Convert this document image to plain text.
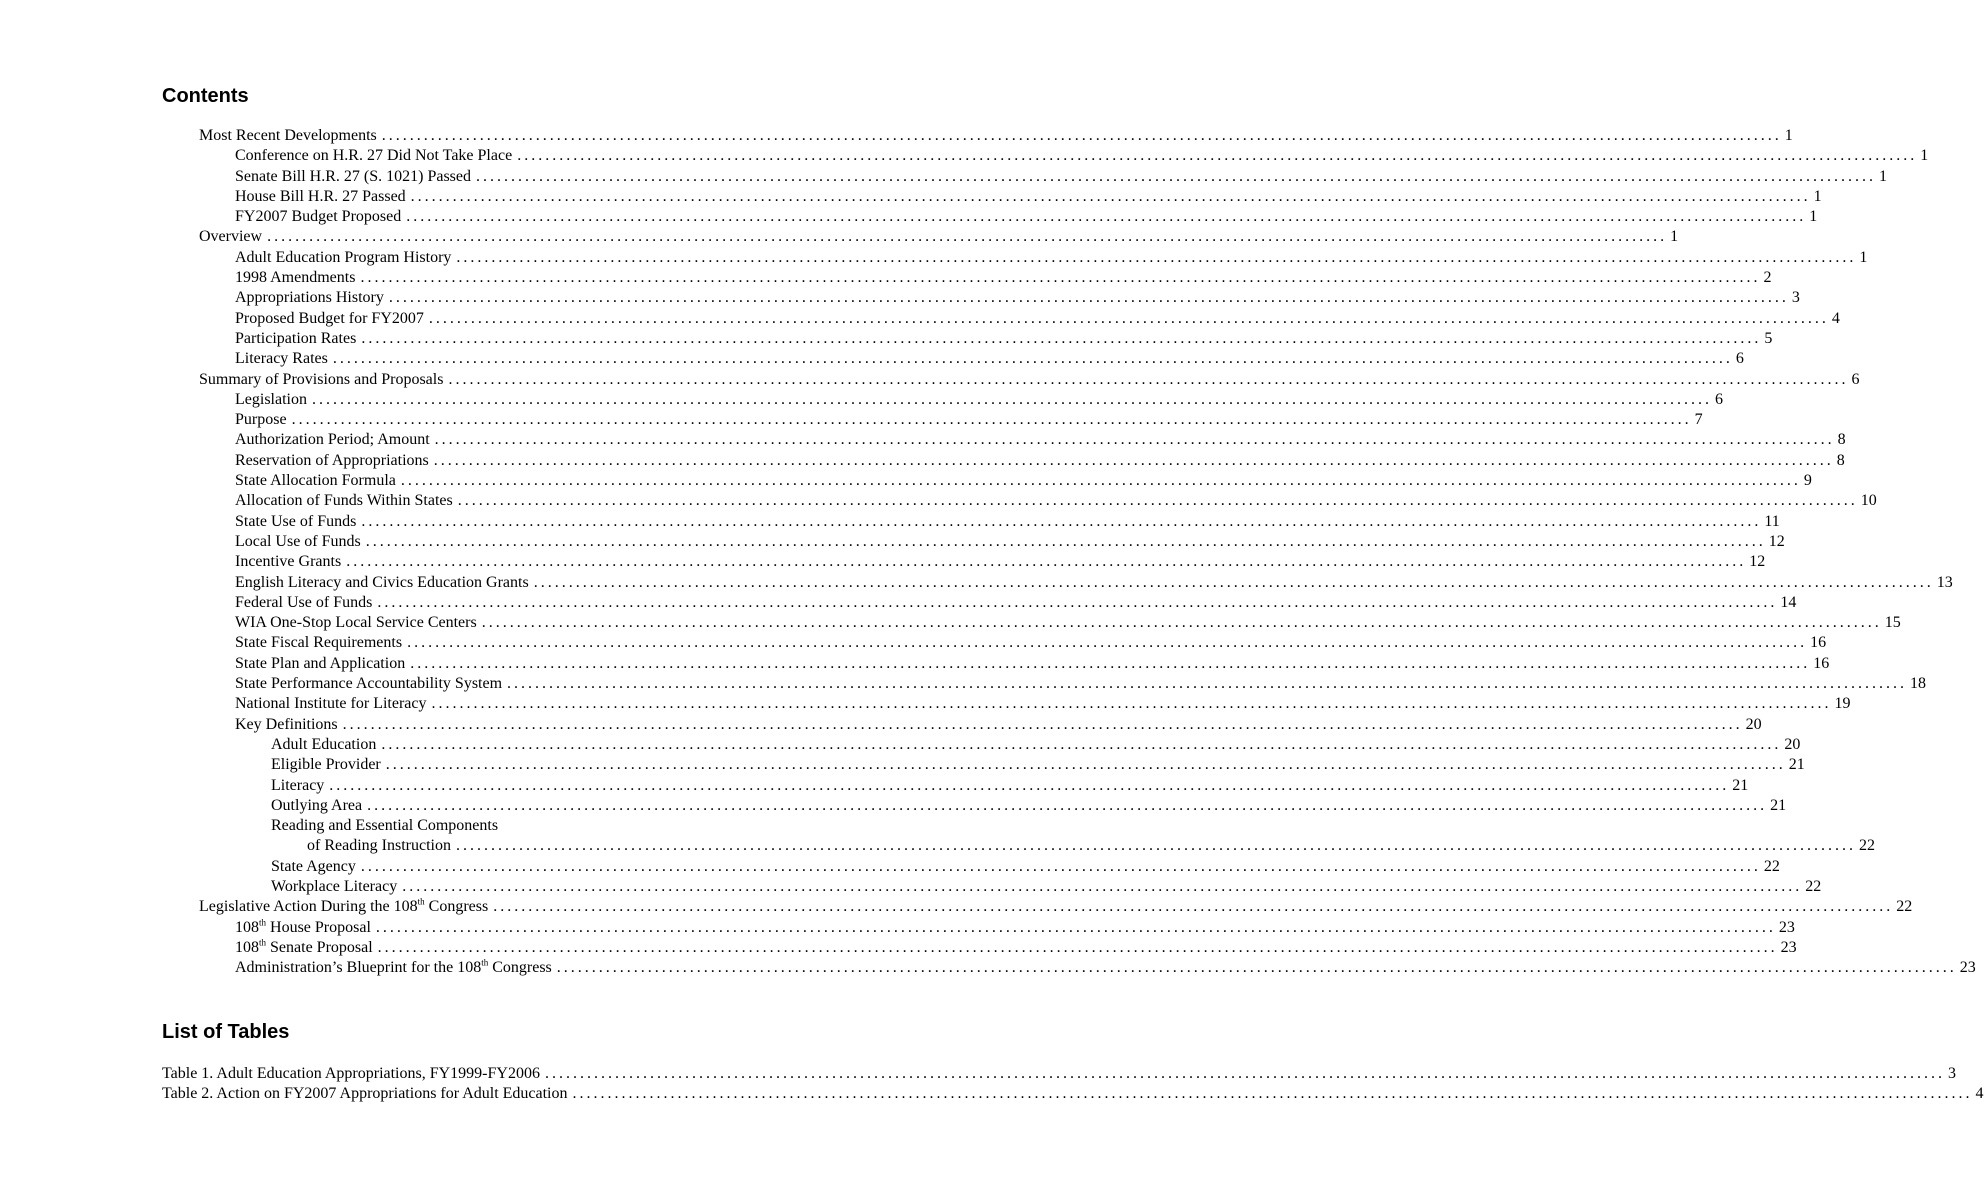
Contents
Most Recent Developments ........................................................................................................................................................................................................ 1
Conference on H.R. 27 Did Not Take Place ........................................................................................................................................................................................................ 1
Senate Bill H.R. 27 (S. 1021) Passed ........................................................................................................................................................................................................ 1
House Bill H.R. 27 Passed ........................................................................................................................................................................................................ 1
FY2007 Budget Proposed ........................................................................................................................................................................................................ 1
Overview ........................................................................................................................................................................................................ 1
Adult Education Program History ........................................................................................................................................................................................................ 1
1998 Amendments ........................................................................................................................................................................................................ 2
Appropriations History ........................................................................................................................................................................................................ 3
Proposed Budget for FY2007 ........................................................................................................................................................................................................ 4
Participation Rates ........................................................................................................................................................................................................ 5
Literacy Rates ........................................................................................................................................................................................................ 6
Summary of Provisions and Proposals ........................................................................................................................................................................................................ 6
Legislation ........................................................................................................................................................................................................ 6
Purpose ........................................................................................................................................................................................................ 7
Authorization Period; Amount ........................................................................................................................................................................................................ 8
Reservation of Appropriations ........................................................................................................................................................................................................ 8
State Allocation Formula ........................................................................................................................................................................................................ 9
Allocation of Funds Within States ........................................................................................................................................................................................................ 10
State Use of Funds ........................................................................................................................................................................................................ 11
Local Use of Funds ........................................................................................................................................................................................................ 12
Incentive Grants ........................................................................................................................................................................................................ 12
English Literacy and Civics Education Grants ........................................................................................................................................................................................................ 13
Federal Use of Funds ........................................................................................................................................................................................................ 14
WIA One-Stop Local Service Centers ........................................................................................................................................................................................................ 15
State Fiscal Requirements ........................................................................................................................................................................................................ 16
State Plan and Application ........................................................................................................................................................................................................ 16
State Performance Accountability System ........................................................................................................................................................................................................ 18
National Institute for Literacy ........................................................................................................................................................................................................ 19
Key Definitions ........................................................................................................................................................................................................ 20
Adult Education ........................................................................................................................................................................................................ 20
Eligible Provider ........................................................................................................................................................................................................ 21
Literacy ........................................................................................................................................................................................................ 21
Outlying Area ........................................................................................................................................................................................................ 21
Reading and Essential Components
of Reading Instruction ........................................................................................................................................................................................................ 22
State Agency ........................................................................................................................................................................................................ 22
Workplace Literacy ........................................................................................................................................................................................................ 22
Legislative Action During the 108th Congress ........................................................................................................................................................................................................ 22
108th House Proposal ........................................................................................................................................................................................................ 23
108th Senate Proposal ........................................................................................................................................................................................................ 23
Administration’s Blueprint for the 108th Congress ........................................................................................................................................................................................................ 23
List of Tables
Table 1. Adult Education Appropriations, FY1999-FY2006 ........................................................................................................................................................................................................ 3
Table 2. Action on FY2007 Appropriations for Adult Education ........................................................................................................................................................................................................ 4
